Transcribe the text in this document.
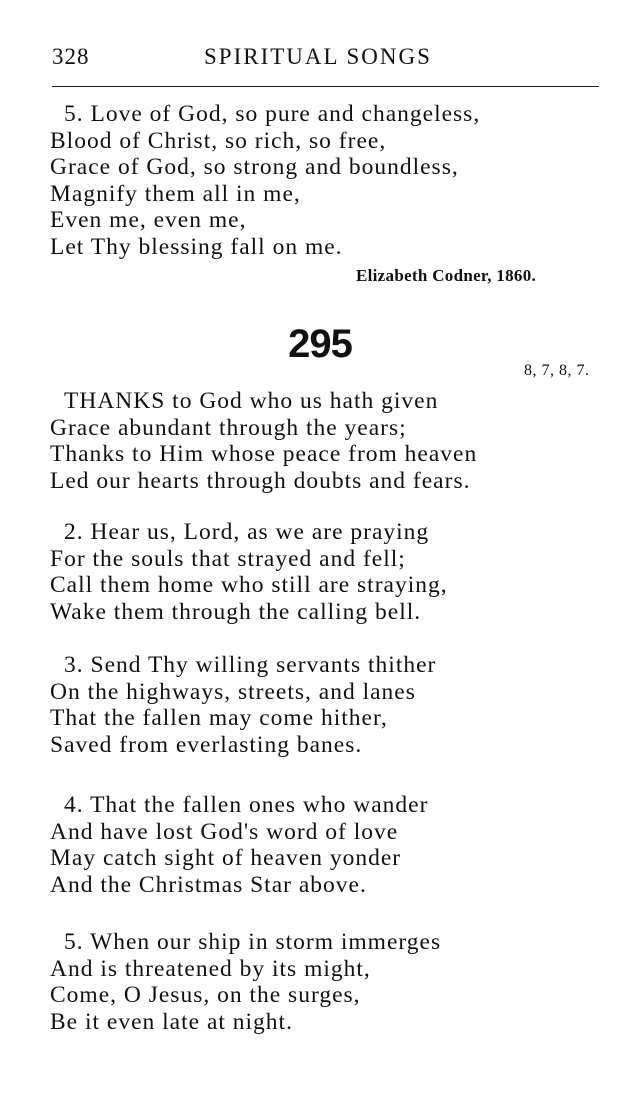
328	SPIRITUAL SONGS
5. Love of God, so pure and changeless,
Blood of Christ, so rich, so free,
Grace of God, so strong and boundless,
Magnify them all in me,
Even me, even me,
Let Thy blessing fall on me.
Elizabeth Codner, 1860.
295
8, 7, 8, 7.
THANKS to God who us hath given
Grace abundant through the years;
Thanks to Him whose peace from heaven
Led our hearts through doubts and fears.
2. Hear us, Lord, as we are praying
For the souls that strayed and fell;
Call them home who still are straying,
Wake them through the calling bell.
3. Send Thy willing servants thither
On the highways, streets, and lanes
That the fallen may come hither,
Saved from everlasting banes.
4. That the fallen ones who wander
And have lost God's word of love
May catch sight of heaven yonder
And the Christmas Star above.
5. When our ship in storm immerges
And is threatened by its might,
Come, O Jesus, on the surges,
Be it even late at night.
